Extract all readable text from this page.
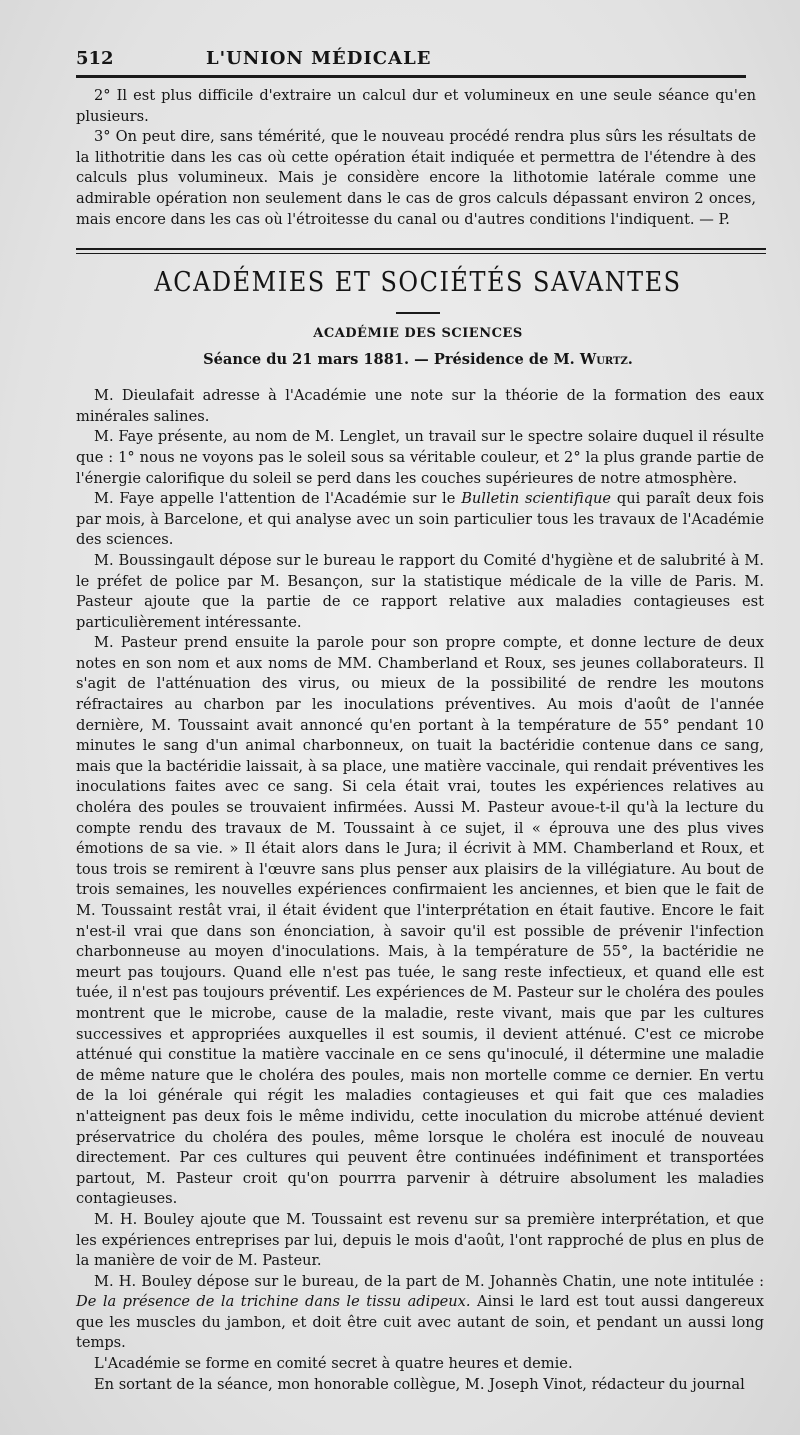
512	L'UNION MÉDICALE

2° Il est plus difficile d'extraire un calcul dur et volumineux en une seule séance qu'en plusieurs.

3° On peut dire, sans témérité, que le nouveau procédé rendra plus sûrs les résultats de la lithotritie dans les cas où cette opération était indiquée et permettra de l'étendre à des calculs plus volumineux. Mais je considère encore la lithotomie latérale comme une admirable opération non seulement dans le cas de gros calculs dépassant environ 2 onces, mais encore dans les cas où l'étroitesse du canal ou d'autres conditions l'indiquent. — P.

ACADÉMIES ET SOCIÉTÉS SAVANTES
ACADÉMIE DES SCIENCES
Séance du 21 mars 1881. — Présidence de M. Wurtz.

M. Dieulafait adresse à l'Académie une note sur la théorie de la formation des eaux minérales salines.

M. Faye présente, au nom de M. Lenglet, un travail sur le spectre solaire duquel il résulte que : 1° nous ne voyons pas le soleil sous sa véritable couleur, et 2° la plus grande partie de l'énergie calorifique du soleil se perd dans les couches supérieures de notre atmosphère.

M. Faye appelle l'attention de l'Académie sur le Bulletin scientifique qui paraît deux fois par mois, à Barcelone, et qui analyse avec un soin particulier tous les travaux de l'Académie des sciences.

M. Boussingault dépose sur le bureau le rapport du Comité d'hygiène et de salubrité à M. le préfet de police par M. Besançon, sur la statistique médicale de la ville de Paris. M. Pasteur ajoute que la partie de ce rapport relative aux maladies contagieuses est particulièrement intéressante.

M. Pasteur prend ensuite la parole pour son propre compte, et donne lecture de deux notes en son nom et aux noms de MM. Chamberland et Roux, ses jeunes collaborateurs. Il s'agit de l'atténuation des virus, ou mieux de la possibilité de rendre les moutons réfractaires au charbon par les inoculations préventives. Au mois d'août de l'année dernière, M. Toussaint avait annoncé qu'en portant à la température de 55° pendant 10 minutes le sang d'un animal charbonneux, on tuait la bactéridie contenue dans ce sang, mais que la bactéridie laissait, à sa place, une matière vaccinale, qui rendait préventives les inoculations faites avec ce sang. Si cela était vrai, toutes les expériences relatives au choléra des poules se trouvaient infirmées. Aussi M. Pasteur avoue-t-il qu'à la lecture du compte rendu des travaux de M. Toussaint à ce sujet, il « éprouva une des plus vives émotions de sa vie. » Il était alors dans le Jura; il écrivit à MM. Chamberland et Roux, et tous trois se remirent à l'œuvre sans plus penser aux plaisirs de la villégiature. Au bout de trois semaines, les nouvelles expériences confirmaient les anciennes, et bien que le fait de M. Toussaint restât vrai, il était évident que l'interprétation en était fautive. Encore le fait n'est-il vrai que dans son énonciation, à savoir qu'il est possible de prévenir l'infection charbonneuse au moyen d'inoculations. Mais, à la température de 55°, la bactéridie ne meurt pas toujours. Quand elle n'est pas tuée, le sang reste infectieux, et quand elle est tuée, il n'est pas toujours préventif. Les expériences de M. Pasteur sur le choléra des poules montrent que le microbe, cause de la maladie, reste vivant, mais que par les cultures successives et appropriées auxquelles il est soumis, il devient atténué. C'est ce microbe atténué qui constitue la matière vaccinale en ce sens qu'inoculé, il détermine une maladie de même nature que le choléra des poules, mais non mortelle comme ce dernier. En vertu de la loi générale qui régit les maladies contagieuses et qui fait que ces maladies n'atteignent pas deux fois le même individu, cette inoculation du microbe atténué devient préservatrice du choléra des poules, même lorsque le choléra est inoculé de nouveau directement. Par ces cultures qui peuvent être continuées indéfiniment et transportées partout, M. Pasteur croit qu'on pourrra parvenir à détruire absolument les maladies contagieuses.

M. H. Bouley ajoute que M. Toussaint est revenu sur sa première interprétation, et que les expériences entreprises par lui, depuis le mois d'août, l'ont rapproché de plus en plus de la manière de voir de M. Pasteur.

M. H. Bouley dépose sur le bureau, de la part de M. Johannès Chatin, une note intitulée : De la présence de la trichine dans le tissu adipeux. Ainsi le lard est tout aussi dangereux que les muscles du jambon, et doit être cuit avec autant de soin, et pendant un aussi long temps.

L'Académie se forme en comité secret à quatre heures et demie.

En sortant de la séance, mon honorable collègue, M. Joseph Vinot, rédacteur du journal
